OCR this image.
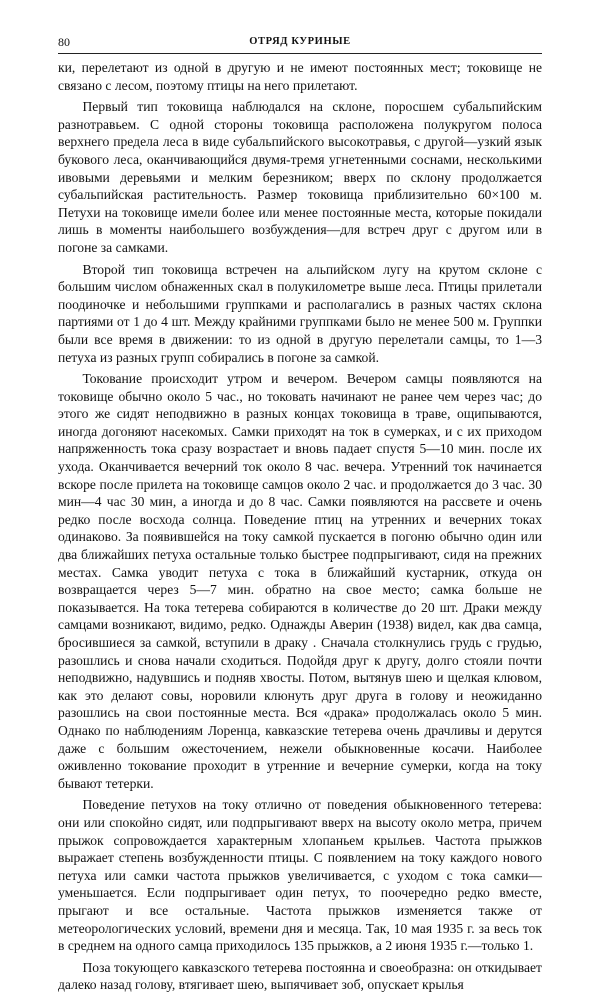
80	ОТРЯД КУРИНЫЕ

ки, перелетают из одной в другую и не имеют постоянных мест; токовище не связано с лесом, поэтому птицы на него прилетают.

Первый тип токовища наблюдался на склоне, поросшем субальпийским разнотравьем. С одной стороны токовища расположена полукругом полоса верхнего предела леса в виде субальпийского высокотравья, с другой—узкий язык букового леса, оканчивающийся двумя-тремя угнетенными соснами, несколькими ивовыми деревьями и мелким березником; вверх по склону продолжается субальпийская растительность. Размер токовища приблизительно 60×100 м. Петухи на токовище имели более или менее постоянные места, которые покидали лишь в моменты наибольшего возбуждения—для встреч друг с другом или в погоне за самками.

Второй тип токовища встречен на альпийском лугу на крутом склоне с большим числом обнаженных скал в полукилометре выше леса. Птицы прилетали поодиночке и небольшими группками и располагались в разных частях склона партиями от 1 до 4 шт. Между крайними группками было не менее 500 м. Группки были все время в движении: то из одной в другую перелетали самцы, то 1—3 петуха из разных групп собирались в погоне за самкой.

Токование происходит утром и вечером. Вечером самцы появляются на токовище обычно около 5 час., но токовать начинают не ранее чем через час; до этого же сидят неподвижно в разных концах токовища в траве, ощипываются, иногда догоняют насекомых. Самки приходят на ток в сумерках, и с их приходом напряженность тока сразу возрастает и вновь падает спустя 5—10 мин. после их ухода. Оканчивается вечерний ток около 8 час. вечера. Утренний ток начинается вскоре после прилета на токовище самцов около 2 час. и продолжается до 3 час. 30 мин—4 час 30 мин, а иногда и до 8 час. Самки появляются на рассвете и очень редко после восхода солнца. Поведение птиц на утренних и вечерних токах одинаково. За появившейся на току самкой пускается в погоню обычно один или два ближайших петуха остальные только быстрее подпрыгивают, сидя на прежних местах. Самка уводит петуха с тока в ближайший кустарник, откуда он возвращается через 5—7 мин. обратно на свое место; самка больше не показывается. На тока тетерева собираются в количестве до 20 шт. Драки между самцами возникают, видимо, редко. Однажды Аверин (1938) видел, как два самца, бросившиеся за самкой, вступили в драку . Сначала столкнулись грудь с грудью, разошлись и снова начали сходиться. Подойдя друг к другу, долго стояли почти неподвижно, надувшись и подняв хвосты. Потом, вытянув шею и щелкая клювом, как это делают совы, норовили клюнуть друг друга в голову и неожиданно разошлись на свои постоянные места. Вся «драка» продолжалась около 5 мин. Однако по наблюдениям Лоренца, кавказские тетерева очень драчливы и дерутся даже с большим ожесточением, нежели обыкновенные косачи. Наиболее оживленно токование проходит в утренние и вечерние сумерки, когда на току бывают тетерки.

Поведение петухов на току отлично от поведения обыкновенного тетерева: они или спокойно сидят, или подпрыгивают вверх на высоту около метра, причем прыжок сопровождается характерным хлопаньем крыльев. Частота прыжков выражает степень возбужденности птицы. С появлением на току каждого нового петуха или самки частота прыжков увеличивается, с уходом с тока самки—уменьшается. Если подпрыгивает один петух, то поочередно редко вместе, прыгают и все остальные. Частота прыжков изменяется также от метеорологических условий, времени дня и месяца. Так, 10 мая 1935 г. за весь ток в среднем на одного самца приходилось 135 прыжков, а 2 июня 1935 г.—только 1.

Поза токующего кавказского тетерева постоянна и своеобразна: он откидывает далеко назад голову, втягивает шею, выпячивает зоб, опускает крылья
